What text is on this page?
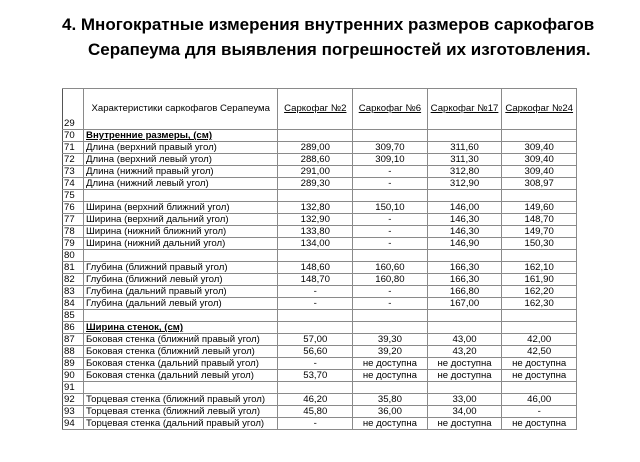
4. Многократные измерения внутренних размеров саркофагов
Серапеума для выявления погрешностей их изготовления.
29	Характеристики саркофагов Серапеума	Саркофаг №2	Саркофаг №6	Саркофаг №17	Саркофаг №24
70	Внутренние размеры, (см)				
71	Длина (верхний правый угол)	289,00	309,70	311,60	309,40
72	Длина (верхний левый угол)	288,60	309,10	311,30	309,40
73	Длина (нижний правый угол)	291,00	-	312,80	309,40
74	Длина (нижний левый угол)	289,30	-	312,90	308,97
75					
76	Ширина (верхний ближний угол)	132,80	150,10	146,00	149,60
77	Ширина (верхний дальний угол)	132,90	-	146,30	148,70
78	Ширина (нижний ближний угол)	133,80	-	146,30	149,70
79	Ширина (нижний дальний угол)	134,00	-	146,90	150,30
80					
81	Глубина (ближний правый угол)	148,60	160,60	166,30	162,10
82	Глубина (ближний левый угол)	148,70	160,80	166,30	161,90
83	Глубина (дальний правый угол)	-	-	166,80	162,20
84	Глубина (дальний левый угол)	-	-	167,00	162,30
85					
86	Ширина стенок, (см)				
87	Боковая стенка (ближний правый угол)	57,00	39,30	43,00	42,00
88	Боковая стенка (ближний левый угол)	56,60	39,20	43,20	42,50
89	Боковая стенка (дальний правый угол)	-	не доступна	не доступна	не доступна
90	Боковая стенка (дальний левый угол)	53,70	не доступна	не доступна	не доступна
91					
92	Торцевая стенка (ближний правый угол)	46,20	35,80	33,00	46,00
93	Торцевая стенка (ближний левый угол)	45,80	36,00	34,00	-
94	Торцевая стенка (дальний правый угол)	-	не доступна	не доступна	не доступна
